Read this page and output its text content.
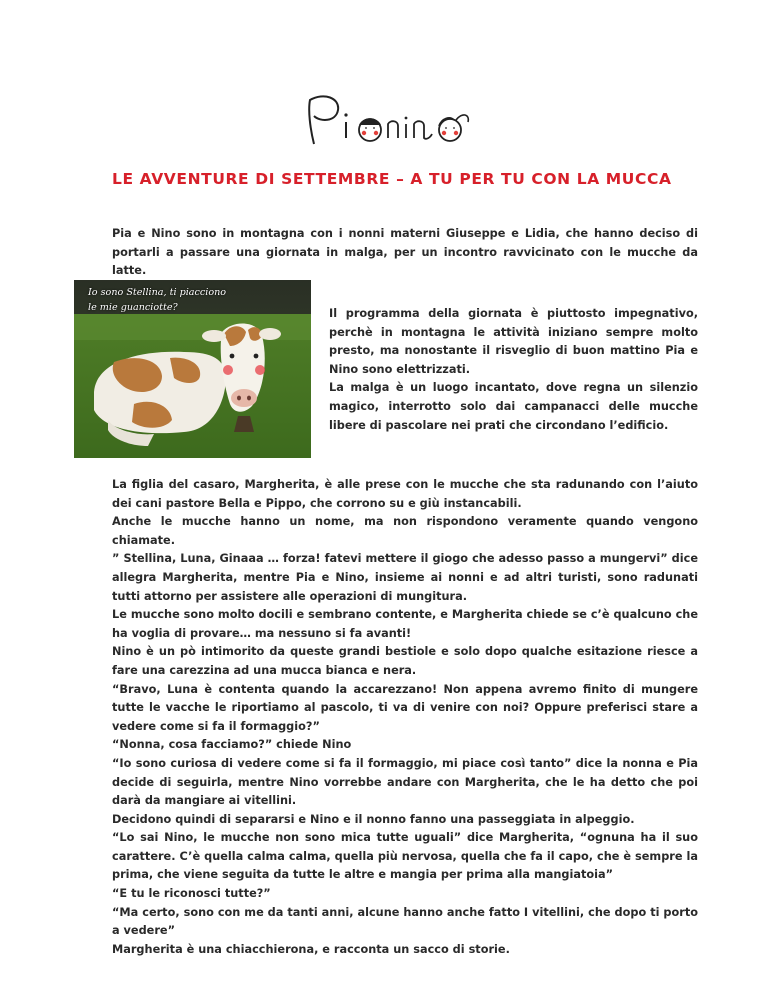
LE AVVENTURE DI SETTEMBRE – A TU PER TU CON LA MUCCA

Pia e Nino sono in montagna con i nonni materni Giuseppe e Lidia, che hanno deciso di portarli a passare una giornata in malga, per un incontro ravvicinato con le mucche da latte.

Io sono Stellina, ti piacciono
le mie guanciotte?	Il programma della giornata è piuttosto impegnativo, perchè in montagna le attività iniziano sempre molto presto, ma nonostante il risveglio di buon mattino Pia e Nino sono elettrizzati.

La malga è un luogo incantato, dove regna un silenzio magico, interrotto solo dai campanacci delle mucche libere di pascolare nei prati che circondano l’edificio.

La figlia del casaro, Margherita, è alle prese con le mucche che sta radunando con l’aiuto dei cani pastore Bella e Pippo, che corrono su e giù instancabili.

Anche le mucche hanno un nome, ma non rispondono veramente quando vengono chiamate.

” Stellina, Luna, Ginaaa … forza! fatevi mettere il giogo che adesso passo a mungervi” dice allegra Margherita, mentre Pia e Nino, insieme ai nonni e ad altri turisti, sono radunati tutti attorno per assistere alle operazioni di mungitura.

Le mucche sono molto docili e sembrano contente, e Margherita chiede se c’è qualcuno che ha voglia di provare… ma nessuno si fa avanti!

Nino è un pò intimorito da queste grandi bestiole e solo dopo qualche esitazione riesce a fare una carezzina ad una mucca bianca e nera.

“Bravo, Luna è contenta quando la accarezzano! Non appena avremo finito di mungere tutte le vacche le riportiamo al pascolo, ti va di venire con noi? Oppure preferisci stare a vedere come si fa il formaggio?”

“Nonna, cosa facciamo?” chiede Nino

“Io sono curiosa di vedere come si fa il formaggio, mi piace così tanto” dice la nonna e Pia decide di seguirla, mentre Nino vorrebbe andare con Margherita, che le ha detto che poi darà da mangiare ai vitellini.

Decidono quindi di separarsi e Nino e il nonno fanno una passeggiata in alpeggio.

“Lo sai Nino, le mucche non sono mica tutte uguali” dice Margherita, “ognuna ha il suo carattere. C’è quella calma calma, quella più nervosa, quella che fa il capo, che è sempre la prima, che viene seguita da tutte le altre e mangia per prima alla mangiatoia”

“E tu le riconosci tutte?”

“Ma certo, sono con me da tanti anni, alcune hanno anche fatto I vitellini, che dopo ti porto a vedere”

Margherita è una chiacchierona, e racconta un sacco di storie.
